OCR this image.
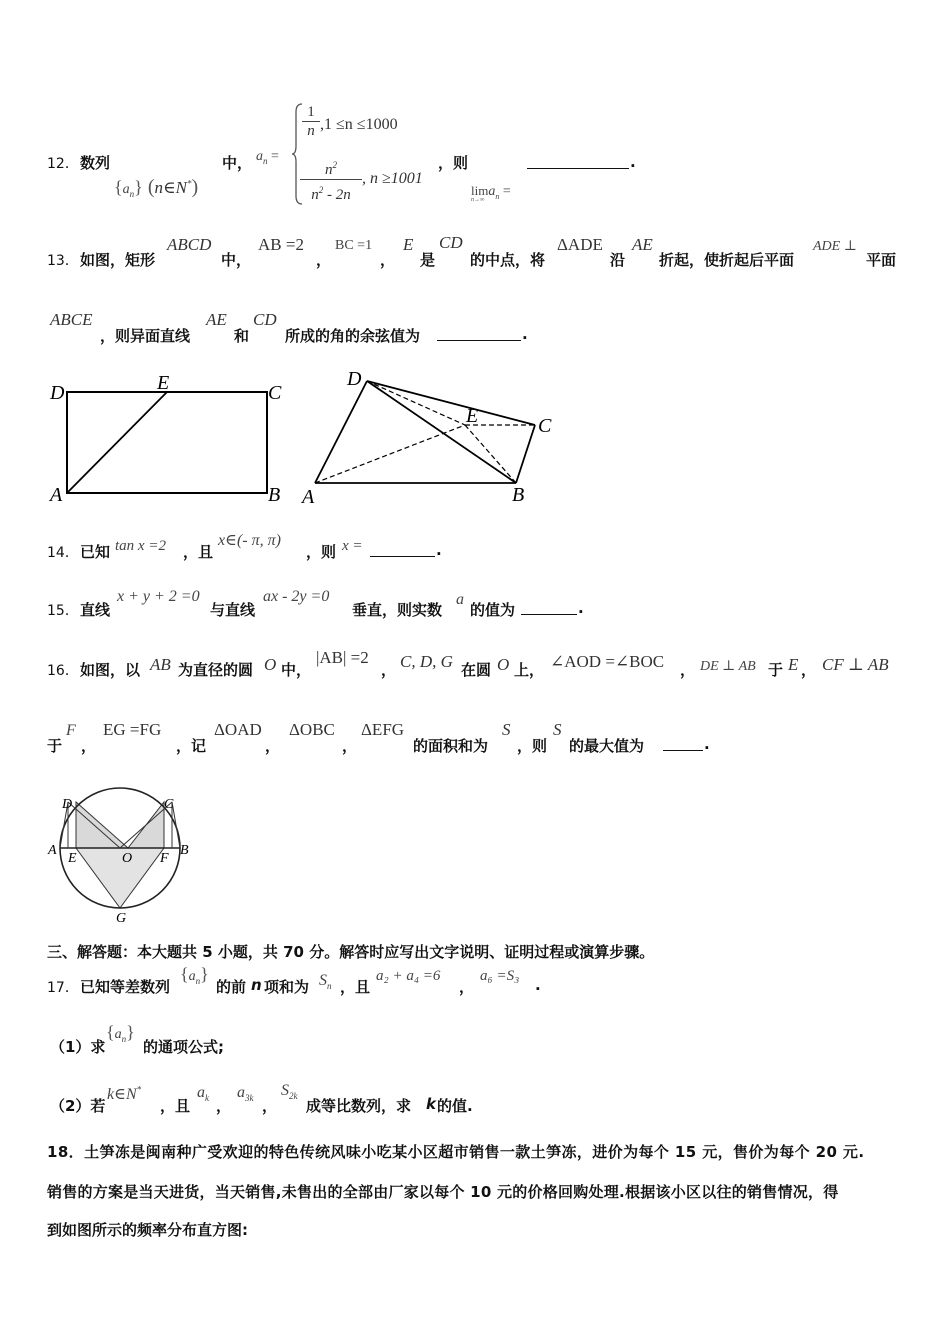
12． 数列
$\{a_n\}$ (n∈N*)
中， $a_n$ =
1
n ,1 ≤n ≤1000
$n^2$
$n^2 - 2n$
, n ≥1001
，则
lima$_n$ =
n→∞
.
13． 如图，矩形
ABCD
中，
AB =2
，
BC =1
，
E
是
CD
的中点，将
ΔADE
沿
AE
折起，使折起后平面
ADE ⊥
平面
ABCE
，则异面直线
AE
和
CD
所成的角的余弦值为	.
D	E	C
A	B
D
E	C
A	B
14． 已知 tan x =2 ，且
x∈(- π, π)
，则 x =	.
15． 直线
x + y + 2 =0
与直线
ax - 2y =0
垂直，则实数
a
的值为	.
16． 如图，以 AB 为直径的圆 O 中，
|AB| =2
， C, D, G 在圆 O 上， ∠AOD =∠BOC ， DE ⊥ AB 于 E ， CF ⊥ AB
于
F
，
EG =FG
，记
ΔOAD
，
ΔOBC
，
ΔEFG
的面积和为
S
，则
S
的最大值为	.
D	C
A
E	O F
B
G
三、解答题：本大题共 5 小题，共 70 分。解答时应写出文字说明、证明过程或演算步骤。
17． 已知等差数列
$\{a_n\}$
的前 n 项和为 $S_n$ ，且
a₂ + a₄ =6
，
a₆ =S₃ .
（1）求
$\{a_n\}$
的通项公式;
（2）若
k∈N*
，且
$a_k$ ，
$a_{3k}$ ，
$S_{2k}$
成等比数列，求 k 的值.
18．土笋冻是闽南种广受欢迎的特色传统风味小吃某小区超市销售一款土笋冻，进价为每个 15 元，售价为每个 20 元.
销售的方案是当天进货，当天销售,未售出的全部由厂家以每个 10 元的价格回购处理.根据该小区以往的销售情况，得
到如图所示的频率分布直方图:
